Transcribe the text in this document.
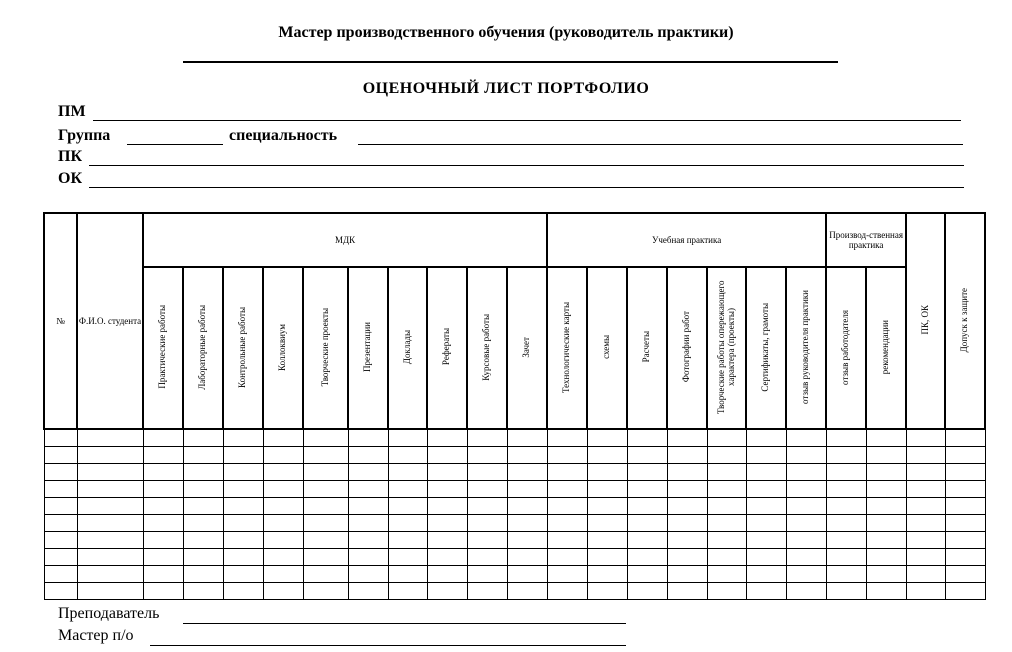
Мастер производственного обучения (руководитель практики)
ОЦЕНОЧНЫЙ ЛИСТ ПОРТФОЛИО
ПМ
Группа	специальность
ПК
ОК
№	Ф.И.О. студента	МДК										Учебная практика							Производ-ственная практика		ПК, ОК	Допуск к защите
		Практические работы	Лабораторные работы	Контрольные работы	Коллоквиум	Творческие проекты	Презентации	Доклады	Рефераты	Курсовые работы	Зачет	Технологические карты	схемы	Расчеты	Фотографии работ	Творческие работы опережающего характера (проекты)	Сертификаты, грамоты	отзыв руководителя практики	отзыв работодателя	рекомендации		

Преподаватель
Мастер п/о
